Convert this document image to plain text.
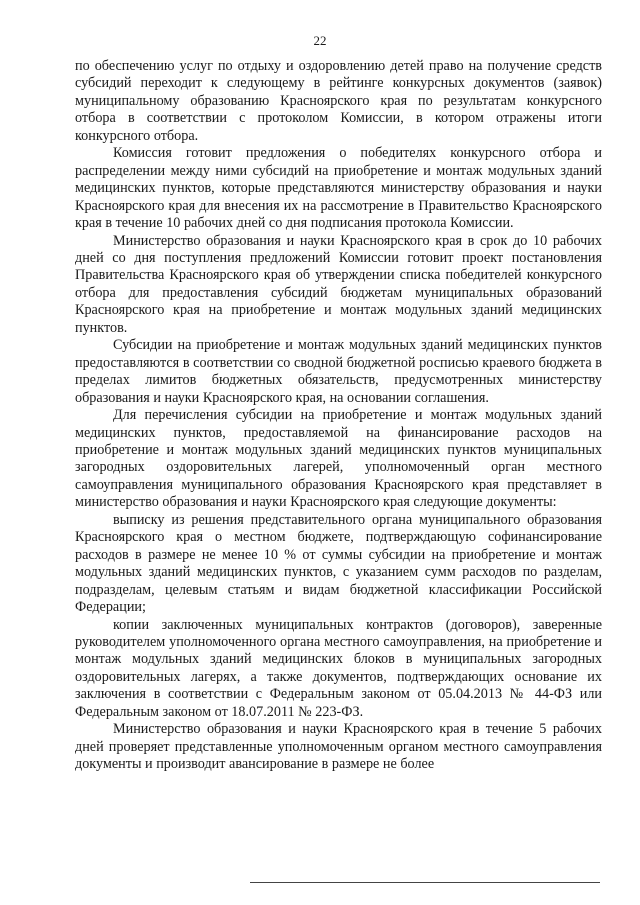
22

по обеспечению услуг по отдыху и оздоровлению детей право на получение средств субсидий переходит к следующему в рейтинге конкурсных документов (заявок) муниципальному образованию Красноярского края по результатам конкурсного отбора в соответствии с протоколом Комиссии, в котором отражены итоги конкурсного отбора.

Комиссия готовит предложения о победителях конкурсного отбора и распределении между ними субсидий на приобретение и монтаж модульных зданий медицинских пунктов, которые представляются министерству образования и науки Красноярского края для внесения их на рассмотрение в Правительство Красноярского края в течение 10 рабочих дней со дня подписания протокола Комиссии.

Министерство образования и науки Красноярского края в срок до 10 рабочих дней со дня поступления предложений Комиссии готовит проект постановления Правительства Красноярского края об утверждении списка победителей конкурсного отбора для предоставления субсидий бюджетам муниципальных образований Красноярского края на приобретение и монтаж модульных зданий медицинских пунктов.

Субсидии на приобретение и монтаж модульных зданий медицинских пунктов предоставляются в соответствии со сводной бюджетной росписью краевого бюджета в пределах лимитов бюджетных обязательств, предусмотренных министерству образования и науки Красноярского края, на основании соглашения.

Для перечисления субсидии на приобретение и монтаж модульных зданий медицинских пунктов, предоставляемой на финансирование расходов на приобретение и монтаж модульных зданий медицинских пунктов муниципальных загородных оздоровительных лагерей, уполномоченный орган местного самоуправления муниципального образования Красноярского края представляет в министерство образования и науки Красноярского края следующие документы:

выписку из решения представительного органа муниципального образования Красноярского края о местном бюджете, подтверждающую софинансирование расходов в размере не менее 10 % от суммы субсидии на приобретение и монтаж модульных зданий медицинских пунктов, с указанием сумм расходов по разделам, подразделам, целевым статьям и видам бюджетной классификации Российской Федерации;

копии заключенных муниципальных контрактов (договоров), заверенные руководителем уполномоченного органа местного самоуправления, на приобретение и монтаж модульных зданий медицинских блоков в муниципальных загородных оздоровительных лагерях, а также документов, подтверждающих основание их заключения в соответствии с Федеральным законом от 05.04.2013 № 44-ФЗ или Федеральным законом от 18.07.2011 № 223-ФЗ.

Министерство образования и науки Красноярского края в течение 5 рабочих дней проверяет представленные уполномоченным органом местного самоуправления документы и производит авансирование в размере не более
